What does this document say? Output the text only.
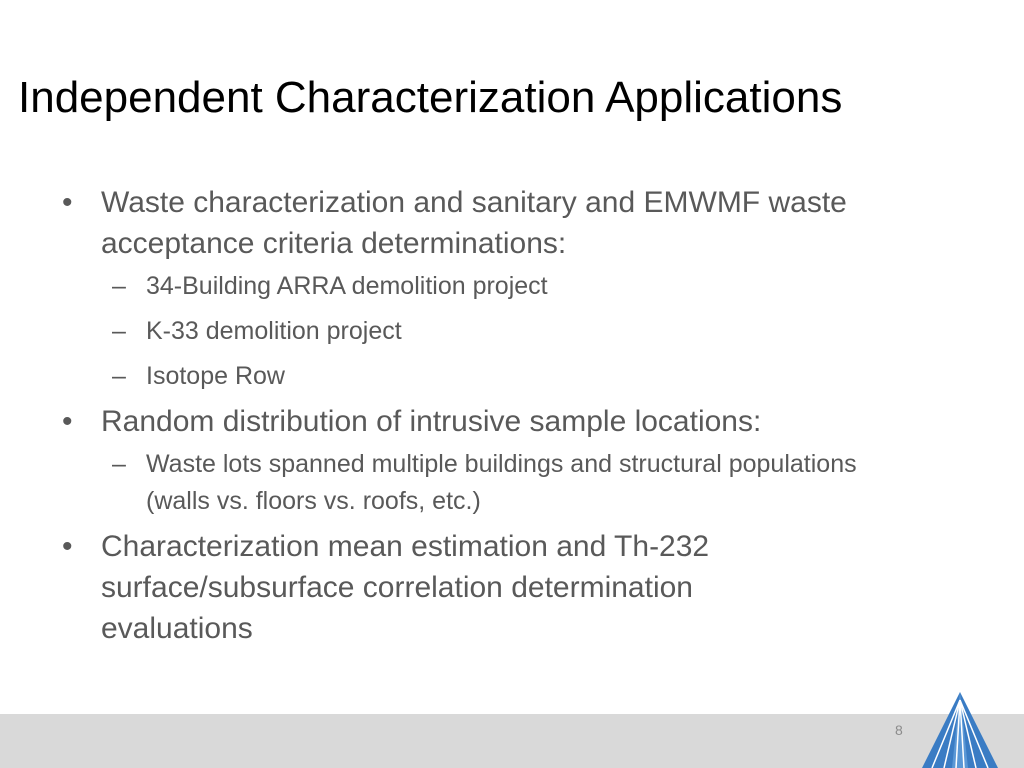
Independent Characterization Applications
• Waste characterization and sanitary and EMWMF waste acceptance criteria determinations:
– 34-Building ARRA demolition project
– K-33 demolition project
– Isotope Row
• Random distribution of intrusive sample locations:
– Waste lots spanned multiple buildings and structural populations (walls vs. floors vs. roofs, etc.)
• Characterization mean estimation and Th-232 surface/subsurface correlation determination evaluations
8
